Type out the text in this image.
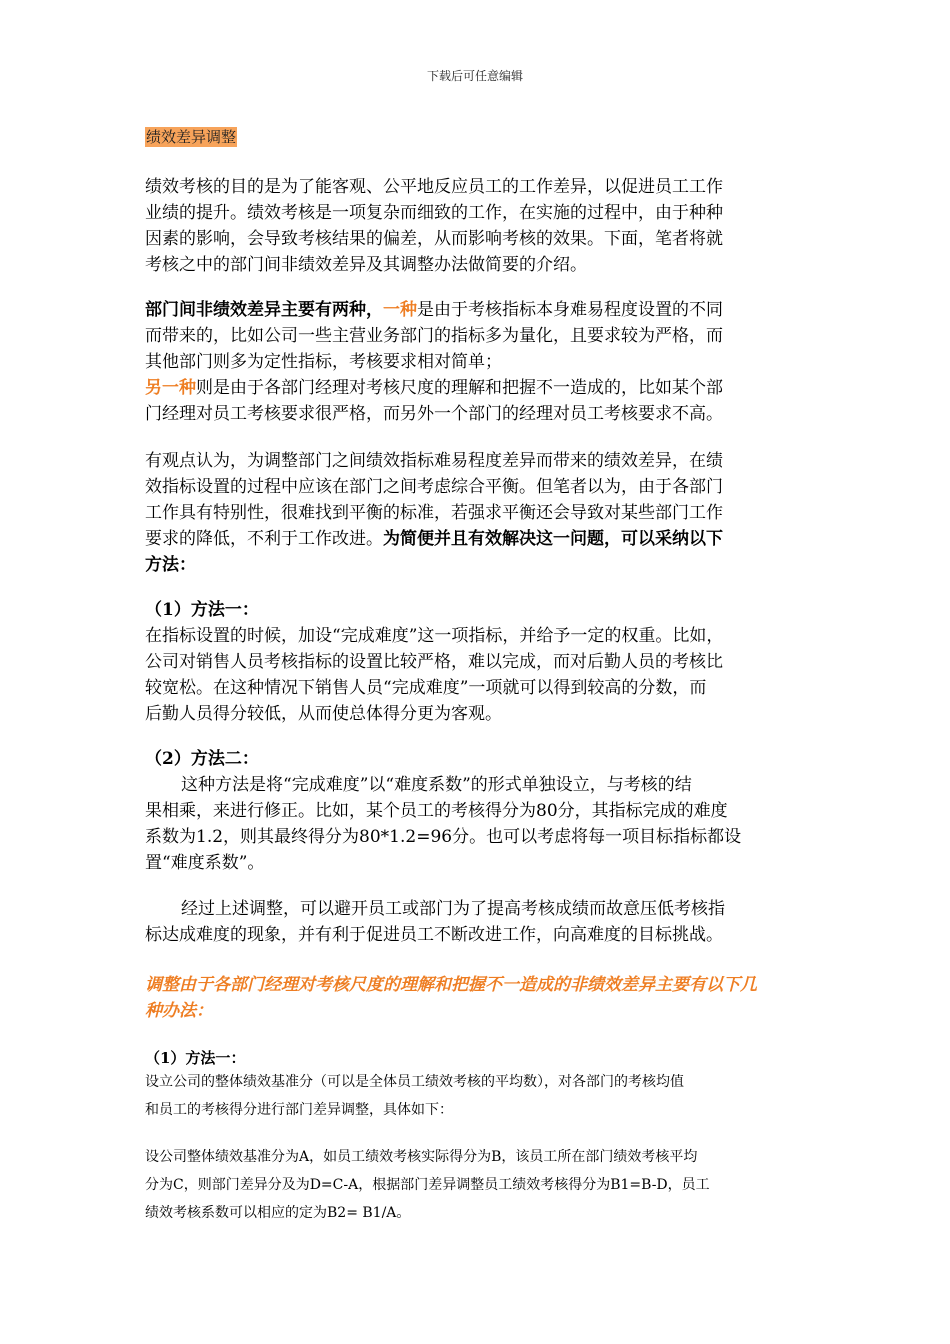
下载后可任意编辑
绩效差异调整
绩效考核的目的是为了能客观、公平地反应员工的工作差异，以促进员工工作
业绩的提升。绩效考核是一项复杂而细致的工作，在实施的过程中，由于种种
因素的影响，会导致考核结果的偏差，从而影响考核的效果。下面，笔者将就
考核之中的部门间非绩效差异及其调整办法做简要的介绍。
部门间非绩效差异主要有两种，一种是由于考核指标本身难易程度设置的不同
而带来的，比如公司一些主营业务部门的指标多为量化，且要求较为严格，而
其他部门则多为定性指标，考核要求相对简单；
另一种则是由于各部门经理对考核尺度的理解和把握不一造成的，比如某个部
门经理对员工考核要求很严格，而另外一个部门的经理对员工考核要求不高。
有观点认为，为调整部门之间绩效指标难易程度差异而带来的绩效差异，在绩
效指标设置的过程中应该在部门之间考虑综合平衡。但笔者以为，由于各部门
工作具有特别性，很难找到平衡的标准，若强求平衡还会导致对某些部门工作
要求的降低，不利于工作改进。为简便并且有效解决这一问题，可以采纳以下
方法：
（1）方法一：
在指标设置的时候，加设“完成难度”这一项指标，并给予一定的权重。比如，
公司对销售人员考核指标的设置比较严格，难以完成，而对后勤人员的考核比
较宽松。在这种情况下销售人员“完成难度”一项就可以得到较高的分数，而
后勤人员得分较低，从而使总体得分更为客观。
（2）方法二：
这种方法是将“完成难度”以“难度系数”的形式单独设立，与考核的结
果相乘，来进行修正。比如，某个员工的考核得分为80分，其指标完成的难度
系数为1.2，则其最终得分为80*1.2=96分。也可以考虑将每一项目标指标都设
置“难度系数”。
经过上述调整，可以避开员工或部门为了提高考核成绩而故意压低考核指
标达成难度的现象，并有利于促进员工不断改进工作，向高难度的目标挑战。
调整由于各部门经理对考核尺度的理解和把握不一造成的非绩效差异主要有以下几
种办法：
（1）方法一：
设立公司的整体绩效基准分（可以是全体员工绩效考核的平均数），对各部门的考核均值
和员工的考核得分进行部门差异调整，具体如下：
设公司整体绩效基准分为A，如员工绩效考核实际得分为B，该员工所在部门绩效考核平均
分为C，则部门差异分及为D=C-A，根据部门差异调整员工绩效考核得分为B1=B-D，员工
绩效考核系数可以相应的定为B2= B1/A。
